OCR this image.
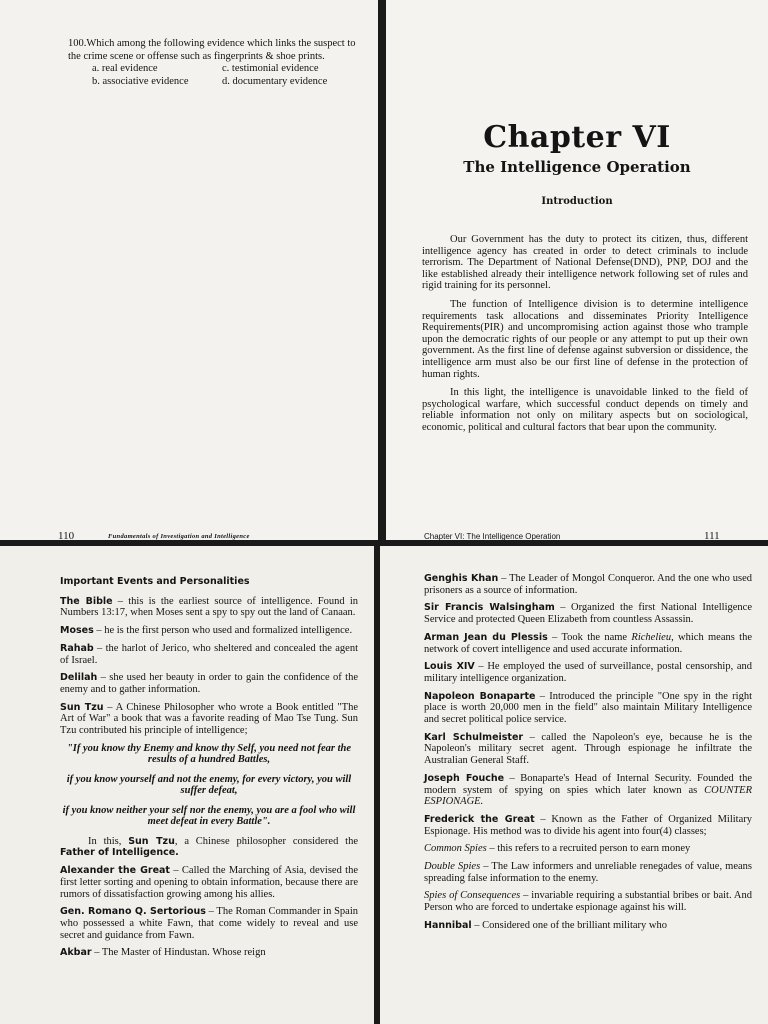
100.Which among the following evidence which links the suspect to the crime scene or offense such as fingerprints & shoe prints.
a. real evidence	c. testimonial evidence
b. associative evidence	d. documentary evidence
110	Fundamentals of Investigation and Intelligence
Chapter VI
The Intelligence Operation
Introduction

Our Government has the duty to protect its citizen, thus, different intelligence agency has created in order to detect criminals to include terrorism. The Department of National Defense(DND), PNP, DOJ and the like established already their intelligence network following set of rules and rigid training for its personnel.

The function of Intelligence division is to determine intelligence requirements task allocations and disseminates Priority Intelligence Requirements(PIR) and uncompromising action against those who trample upon the democratic rights of our people or any attempt to put up their own government. As the first line of defense against subversion or dissidence, the intelligence arm must also be our first line of defense in the protection of human rights.

In this light, the intelligence is unavoidable linked to the field of psychological warfare, which successful conduct depends on timely and reliable information not only on military aspects but on sociological, economic, political and cultural factors that bear upon the community.

Chapter VI: The Intelligence Operation	111

Important Events and Personalities

The Bible – this is the earliest source of intelligence. Found in Numbers 13:17, when Moses sent a spy to spy out the land of Canaan.

Moses – he is the first person who used and formalized intelligence.

Rahab – the harlot of Jerico, who sheltered and concealed the agent of Israel.

Delilah – she used her beauty in order to gain the confidence of the enemy and to gather information.

Sun Tzu – A Chinese Philosopher who wrote a Book entitled "The Art of War" a book that was a favorite reading of Mao Tse Tung. Sun Tzu contributed his principle of intelligence;

"If you know thy Enemy and know thy Self, you need not fear the results of a hundred Battles,

if you know yourself and not the enemy, for every victory, you will suffer defeat,

if you know neither your self nor the enemy, you are a fool who will meet defeat in every Battle".

In this, Sun Tzu, a Chinese philosopher considered the Father of Intelligence.

Alexander the Great – Called the Marching of Asia, devised the first letter sorting and opening to obtain information, because there are rumors of dissatisfaction growing among his allies.

Gen. Romano Q. Sertorious – The Roman Commander in Spain who possessed a white Fawn, that come widely to reveal and use secret and guidance from Fawn.

Akbar – The Master of Hindustan. Whose reign

Genghis Khan – The Leader of Mongol Conqueror. And the one who used prisoners as a source of information.

Sir Francis Walsingham – Organized the first National Intelligence Service and protected Queen Elizabeth from countless Assassin.

Arman Jean du Plessis – Took the name Richelieu, which means the network of covert intelligence and used accurate information.

Louis XIV – He employed the used of surveillance, postal censorship, and military intelligence organization.

Napoleon Bonaparte – Introduced the principle "One spy in the right place is worth 20,000 men in the field" also maintain Military Intelligence and secret political police service.

Karl Schulmeister – called the Napoleon's eye, because he is the Napoleon's military secret agent. Through espionage he infiltrate the Australian General Staff.

Joseph Fouche – Bonaparte's Head of Internal Security. Founded the modern system of spying on spies which later known as COUNTER ESPIONAGE.

Frederick the Great – Known as the Father of Organized Military Espionage. His method was to divide his agent into four(4) classes;

Common Spies – this refers to a recruited person to earn money

Double Spies – The Law informers and unreliable renegades of value, means spreading false information to the enemy.

Spies of Consequences – invariable requiring a substantial bribes or bait. And Person who are forced to undertake espionage against his will.

Hannibal – Considered one of the brilliant military who
